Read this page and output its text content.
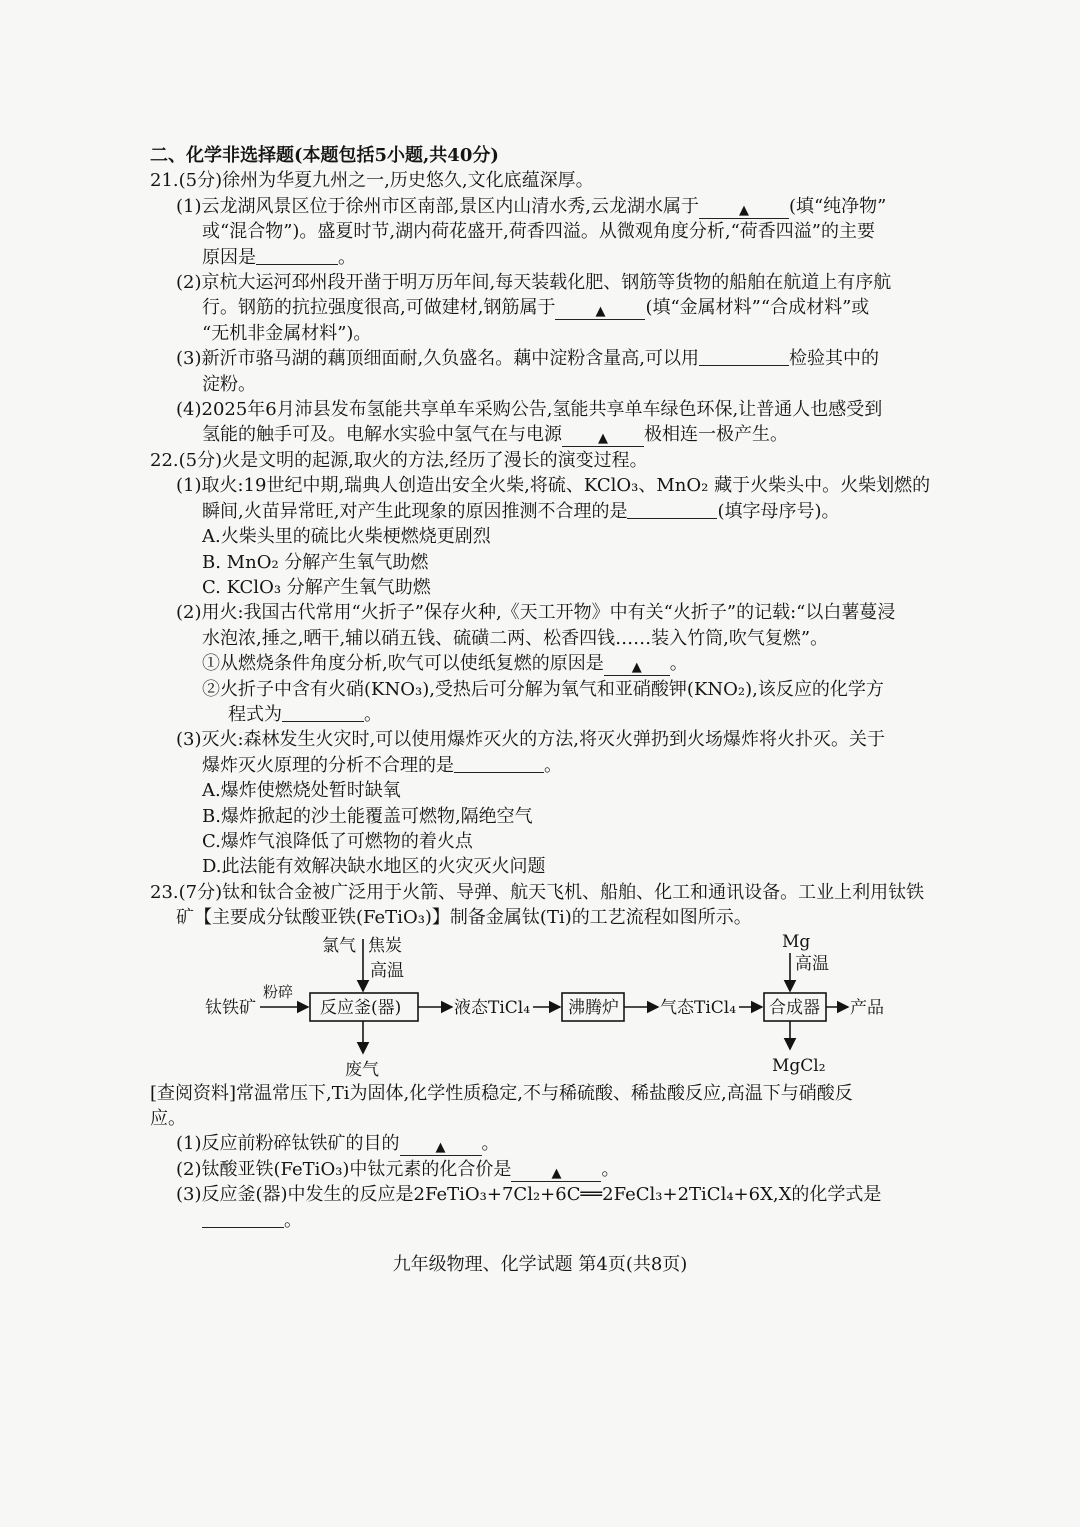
二、化学非选择题(本题包括5小题,共40分)
21.(5分)徐州为华夏九州之一,历史悠久,文化底蕴深厚。
(1)云龙湖风景区位于徐州市区南部,景区内山清水秀,云龙湖水属于	▲ (填“纯净物”
或“混合物”)。盛夏时节,湖内荷花盛开,荷香四溢。从微观角度分析,“荷香四溢”的主要
原因是	。
(2)京杭大运河邳州段开凿于明万历年间,每天装载化肥、钢筋等货物的船舶在航道上有序航
行。钢筋的抗拉强度很高,可做建材,钢筋属于	▲ (填“金属材料”“合成材料”或
“无机非金属材料”)。
(3)新沂市骆马湖的藕顶细面耐,久负盛名。藕中淀粉含量高,可以用	检验其中的
淀粉。
(4)2025年6月沛县发布氢能共享单车采购公告,氢能共享单车绿色环保,让普通人也感受到
氢能的触手可及。电解水实验中氢气在与电源	▲ 极相连一极产生。
22.(5分)火是文明的起源,取火的方法,经历了漫长的演变过程。
(1)取火:19世纪中期,瑞典人创造出安全火柴,将硫、KClO₃、MnO₂ 藏于火柴头中。火柴划燃的
瞬间,火苗异常旺,对产生此现象的原因推测不合理的是	(填字母序号)。
A.火柴头里的硫比火柴梗燃烧更剧烈
B. MnO₂ 分解产生氧气助燃
C. KClO₃ 分解产生氧气助燃
(2)用火:我国古代常用“火折子”保存火种,《天工开物》中有关“火折子”的记载:“以白薯蔓浸
水泡浓,捶之,晒干,辅以硝五钱、硫磺二两、松香四钱……装入竹筒,吹气复燃”。
①从燃烧条件角度分析,吹气可以使纸复燃的原因是 ▲ 。
②火折子中含有火硝(KNO₃),受热后可分解为氧气和亚硝酸钾(KNO₂),该反应的化学方
程式为	。
(3)灭火:森林发生火灾时,可以使用爆炸灭火的方法,将灭火弹扔到火场爆炸将火扑灭。关于
爆炸灭火原理的分析不合理的是	。
A.爆炸使燃烧处暂时缺氧
B.爆炸掀起的沙土能覆盖可燃物,隔绝空气
C.爆炸气浪降低了可燃物的着火点
D.此法能有效解决缺水地区的火灾灭火问题
23.(7分)钛和钛合金被广泛用于火箭、导弹、航天飞机、船舶、化工和通讯设备。工业上利用钛铁
矿【主要成分钛酸亚铁(FeTiO₃)】制备金属钛(Ti)的工艺流程如图所示。
氯气 焦炭
高温
钛铁矿
粉碎
反应釜(器)	液态TiCl₄
废气
沸腾炉 气态TiCl₄
Mg
高温
合成器 产品
MgCl₂
[查阅资料]常温常压下,Ti为固体,化学性质稳定,不与稀硫酸、稀盐酸反应,高温下与硝酸反
应。
(1)反应前粉碎钛铁矿的目的	▲ 。
(2)钛酸亚铁(FeTiO₃)中钛元素的化合价是	▲ 。
(3)反应釜(器)中发生的反应是2FeTiO₃+7Cl₂+6C══2FeCl₃+2TiCl₄+6X,X的化学式是
。
九年级物理、化学试题 第4页(共8页)
